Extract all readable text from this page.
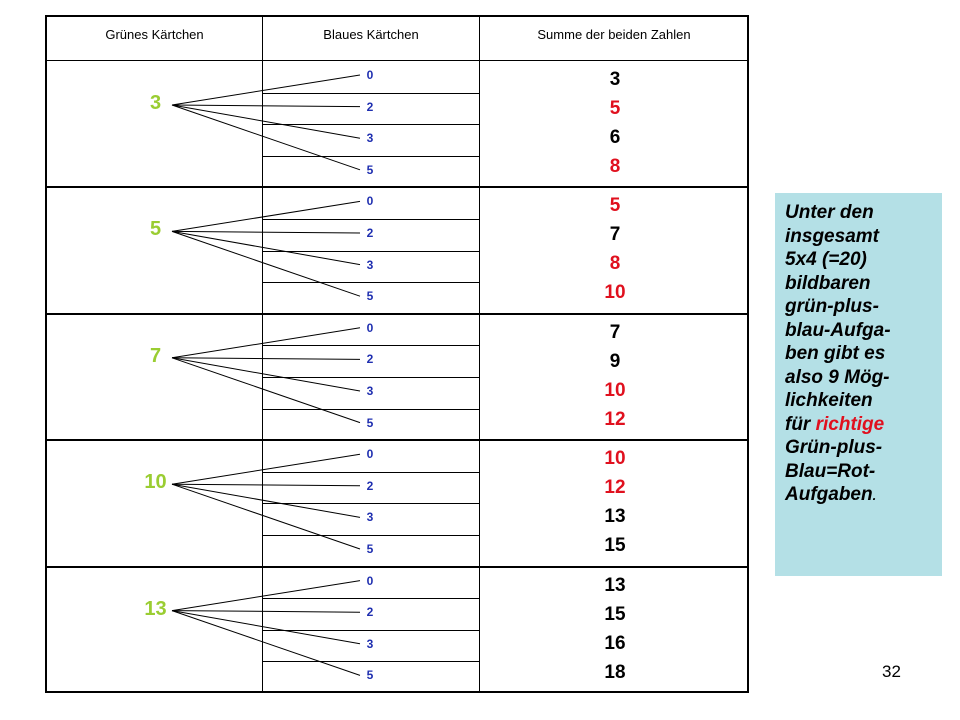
Grünes Kärtchen	Blaues Kärtchen	Summe der beiden Zahlen
3
0
2
3
5
3
5
6
8
5
0
2
3
5
5
7
8
10
7
0
2
3
5
7
9
10
12
10
0
2
3
5
10
12
13
15
13
0
2
3
5
13
15
16
18
Unter den
insgesamt
5x4 (=20)
bildbaren
grün-plus-
blau-Aufga-
ben gibt es
also 9 Mög-
lichkeiten
für richtige
Grün-plus-
Blau=Rot-
Aufgaben.
32
